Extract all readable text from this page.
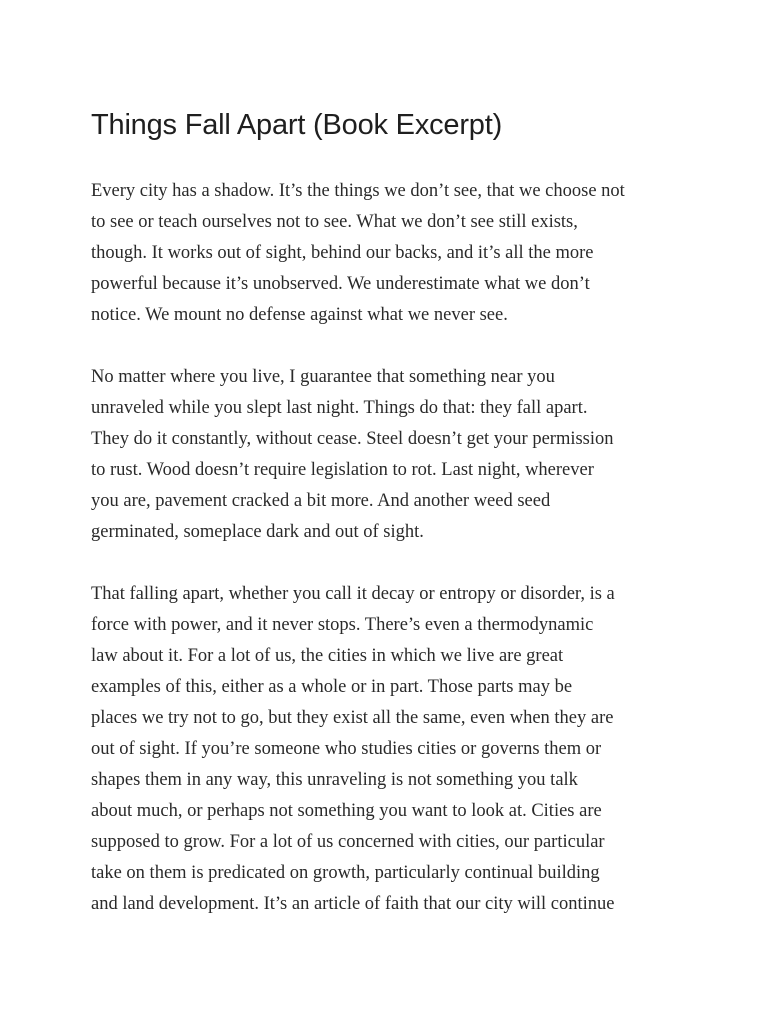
Things Fall Apart (Book Excerpt)

Every city has a shadow. It’s the things we don’t see, that we choose not
to see or teach ourselves not to see. What we don’t see still exists,
though. It works out of sight, behind our backs, and it’s all the more
powerful because it’s unobserved. We underestimate what we don’t
notice. We mount no defense against what we never see.

No matter where you live, I guarantee that something near you
unraveled while you slept last night. Things do that: they fall apart.
They do it constantly, without cease. Steel doesn’t get your permission
to rust. Wood doesn’t require legislation to rot. Last night, wherever
you are, pavement cracked a bit more. And another weed seed
germinated, someplace dark and out of sight.

That falling apart, whether you call it decay or entropy or disorder, is a
force with power, and it never stops. There’s even a thermodynamic
law about it. For a lot of us, the cities in which we live are great
examples of this, either as a whole or in part. Those parts may be
places we try not to go, but they exist all the same, even when they are
out of sight. If you’re someone who studies cities or governs them or
shapes them in any way, this unraveling is not something you talk
about much, or perhaps not something you want to look at. Cities are
supposed to grow. For a lot of us concerned with cities, our particular
take on them is predicated on growth, particularly continual building
and land development. It’s an article of faith that our city will continue
